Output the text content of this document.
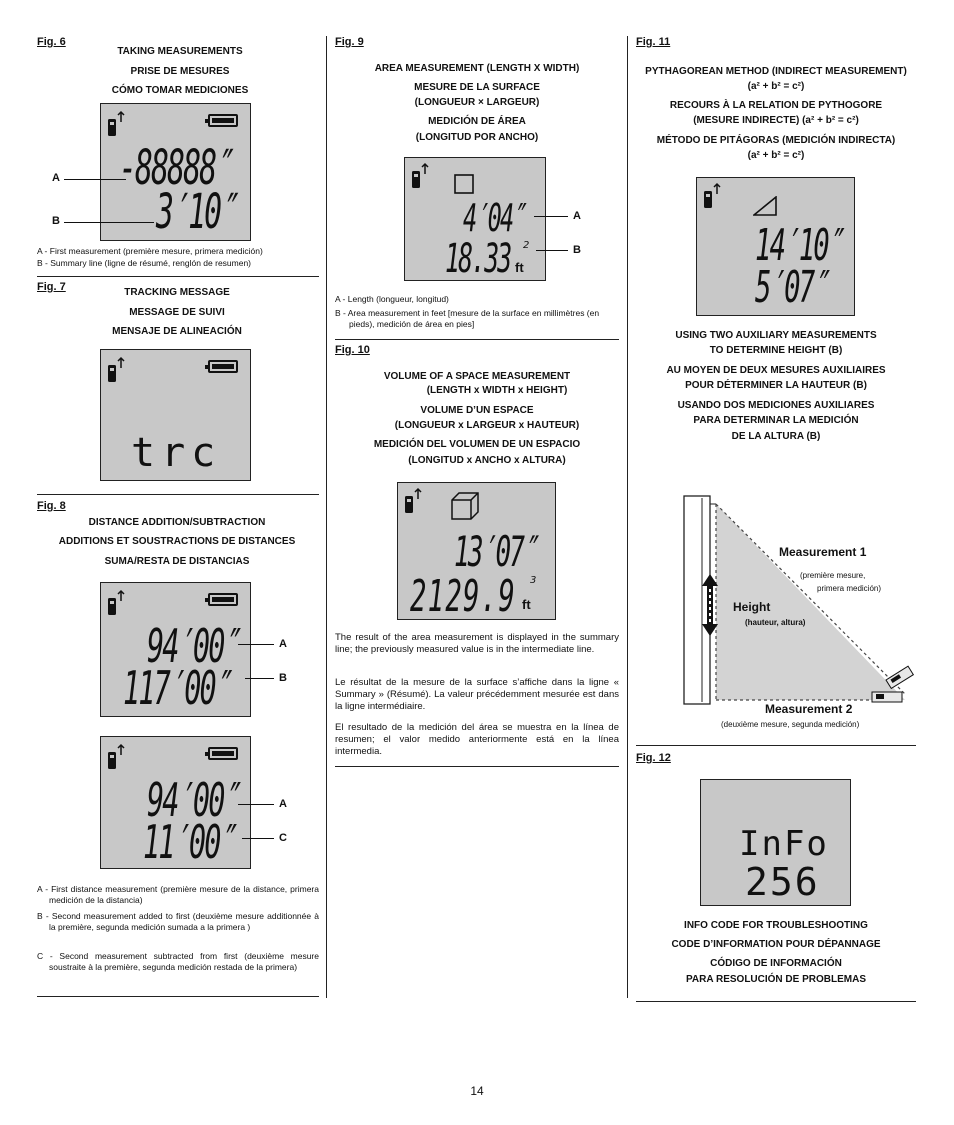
Fig. 6
TAKING MEASUREMENTS
PRISE DE MESURES
CÓMO TOMAR MEDICIONES
-88888″
3′10″
A
B
A - First measurement (première mesure, primera medición)
B - Summary line (ligne de résumé, renglón de resumen)
Fig. 7	TRACKING MESSAGE
MESSAGE DE SUIVI
MENSAJE DE ALINEACIÓN
trc
Fig. 8
DISTANCE ADDITION/SUBTRACTION
ADDITIONS ET SOUSTRACTIONS DE DISTANCES
SUMA/RESTA DE DISTANCIAS
94′00″
117′00″
A
B
94′00″
11′00″
A
C
A - First distance measurement (première mesure de la distance, primera medición de la distancia)
B - Second measurement added to first (deuxième mesure additionnée à la première, segunda medición sumada a la primera )
C - Second measurement subtracted from first (deuxième mesure soustraite à la première, segunda medición restada de la primera)
Fig. 9
AREA MEASUREMENT (LENGTH X WIDTH)
MESURE DE LA SURFACE
(LONGUEUR × LARGEUR)
MEDICIÓN DE ÁREA
(LONGITUD POR ANCHO)
4′04″
18.33 2
ft
A
B
A - Length (longueur, longitud)
B - Area measurement in feet [mesure de la surface en millimètres (en pieds), medición de área en pies]
Fig. 10
VOLUME OF A SPACE MEASUREMENT
(LENGTH x WIDTH x HEIGHT)
VOLUME D’UN ESPACE
(LONGUEUR x LARGEUR x HAUTEUR)
MEDICIÓN DEL VOLUMEN DE UN ESPACIO
(LONGITUD x ANCHO x ALTURA)
13′07″
2129.9 3
ft
The result of the area measurement is displayed in the summary line; the previously measured value is in the intermediate line.
Le résultat de la mesure de la surface s’affiche dans la ligne « Summary » (Résumé). La valeur précédemment mesurée est dans la ligne intermédiaire.
El resultado de la medición del área se muestra en la línea de resumen; el valor medido anteriormente está en la línea intermedia.
Fig. 11
PYTHAGOREAN METHOD (INDIRECT MEASUREMENT)
(a² + b² = c²)
RECOURS À LA RELATION DE PYTHOGORE
(MESURE INDIRECTE) (a² + b² = c²)
MÉTODO DE PITÁGORAS (MEDICIÓN INDIRECTA)
(a² + b² = c²)
14′10″
5′07″
USING TWO AUXILIARY MEASUREMENTS
TO DETERMINE HEIGHT (B)
AU MOYEN DE DEUX MESURES AUXILIAIRES
POUR DÉTERMINER LA HAUTEUR (B)
USANDO DOS MEDICIONES AUXILIARES
PARA DETERMINAR LA MEDICIÓN
DE LA ALTURA (B)
Measurement 1
(première mesure,
primera medición)
Height
(hauteur, altura)
Measurement 2
(deuxième mesure, segunda medición)
Fig. 12
InFo
256
INFO CODE FOR TROUBLESHOOTING
CODE D’INFORMATION POUR DÉPANNAGE
CÓDIGO DE INFORMACIÓN
PARA RESOLUCIÓN DE PROBLEMAS
14
